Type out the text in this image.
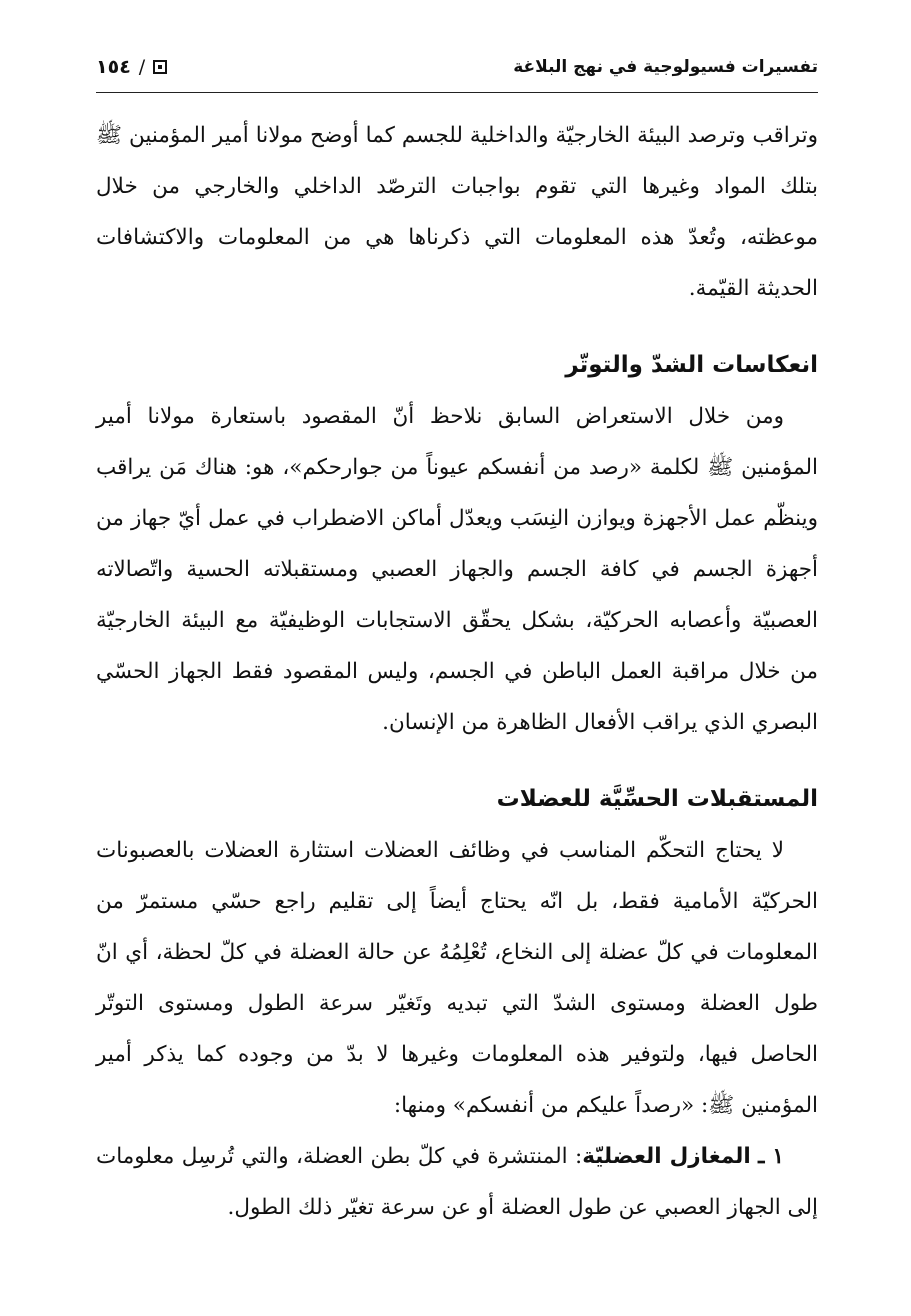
تفسيرات فسيولوجية في نهج البلاغة
/
١٥٤

وتراقب وترصد البيئة الخارجيّة والداخلية للجسم كما أوضح مولانا أمير المؤمنين ﷺ بتلك المواد وغيرها التي تقوم بواجبات الترصّد الداخلي والخارجي من خلال موعظته، وتُعدّ هذه المعلومات التي ذكرناها هي من المعلومات والاكتشافات الحديثة القيّمة.

انعكاسات الشدّ والتوتّر

ومن خلال الاستعراض السابق نلاحظ أنّ المقصود باستعارة مولانا أمير المؤمنين ﷺ لكلمة «رصد من أنفسكم عيوناً من جوارحكم»، هو: هناك مَن يراقب وينظّم عمل الأجهزة ويوازن النِسَب ويعدّل أماكن الاضطراب في عمل أيّ جهاز من أجهزة الجسم في كافة الجسم والجهاز العصبي ومستقبلاته الحسية واتّصالاته العصبيّة وأعصابه الحركيّة، بشكل يحقّق الاستجابات الوظيفيّة مع البيئة الخارجيّة من خلال مراقبة العمل الباطن في الجسم، وليس المقصود فقط الجهاز الحسّي البصري الذي يراقب الأفعال الظاهرة من الإنسان.

المستقبلات الحسِّيَّة للعضلات

لا يحتاج التحكّم المناسب في وظائف العضلات استثارة العضلات بالعصبونات الحركيّة الأمامية فقط، بل انّه يحتاج أيضاً إلى تقليم راجع حسّي مستمرّ من المعلومات في كلّ عضلة إلى النخاع، تُعْلِمُهُ عن حالة العضلة في كلّ لحظة، أي انّ طول العضلة ومستوى الشدّ التي تبديه وتَغيّر سرعة الطول ومستوى التوتّر الحاصل فيها، ولتوفير هذه المعلومات وغيرها لا بدّ من وجوده كما يذكر أمير المؤمنين ﷺ: «رصداً عليكم من أنفسكم» ومنها:

١ ـ المغازل العضليّة: المنتشرة في كلّ بطن العضلة، والتي تُرسِل معلومات إلى الجهاز العصبي عن طول العضلة أو عن سرعة تغيّر ذلك الطول.
